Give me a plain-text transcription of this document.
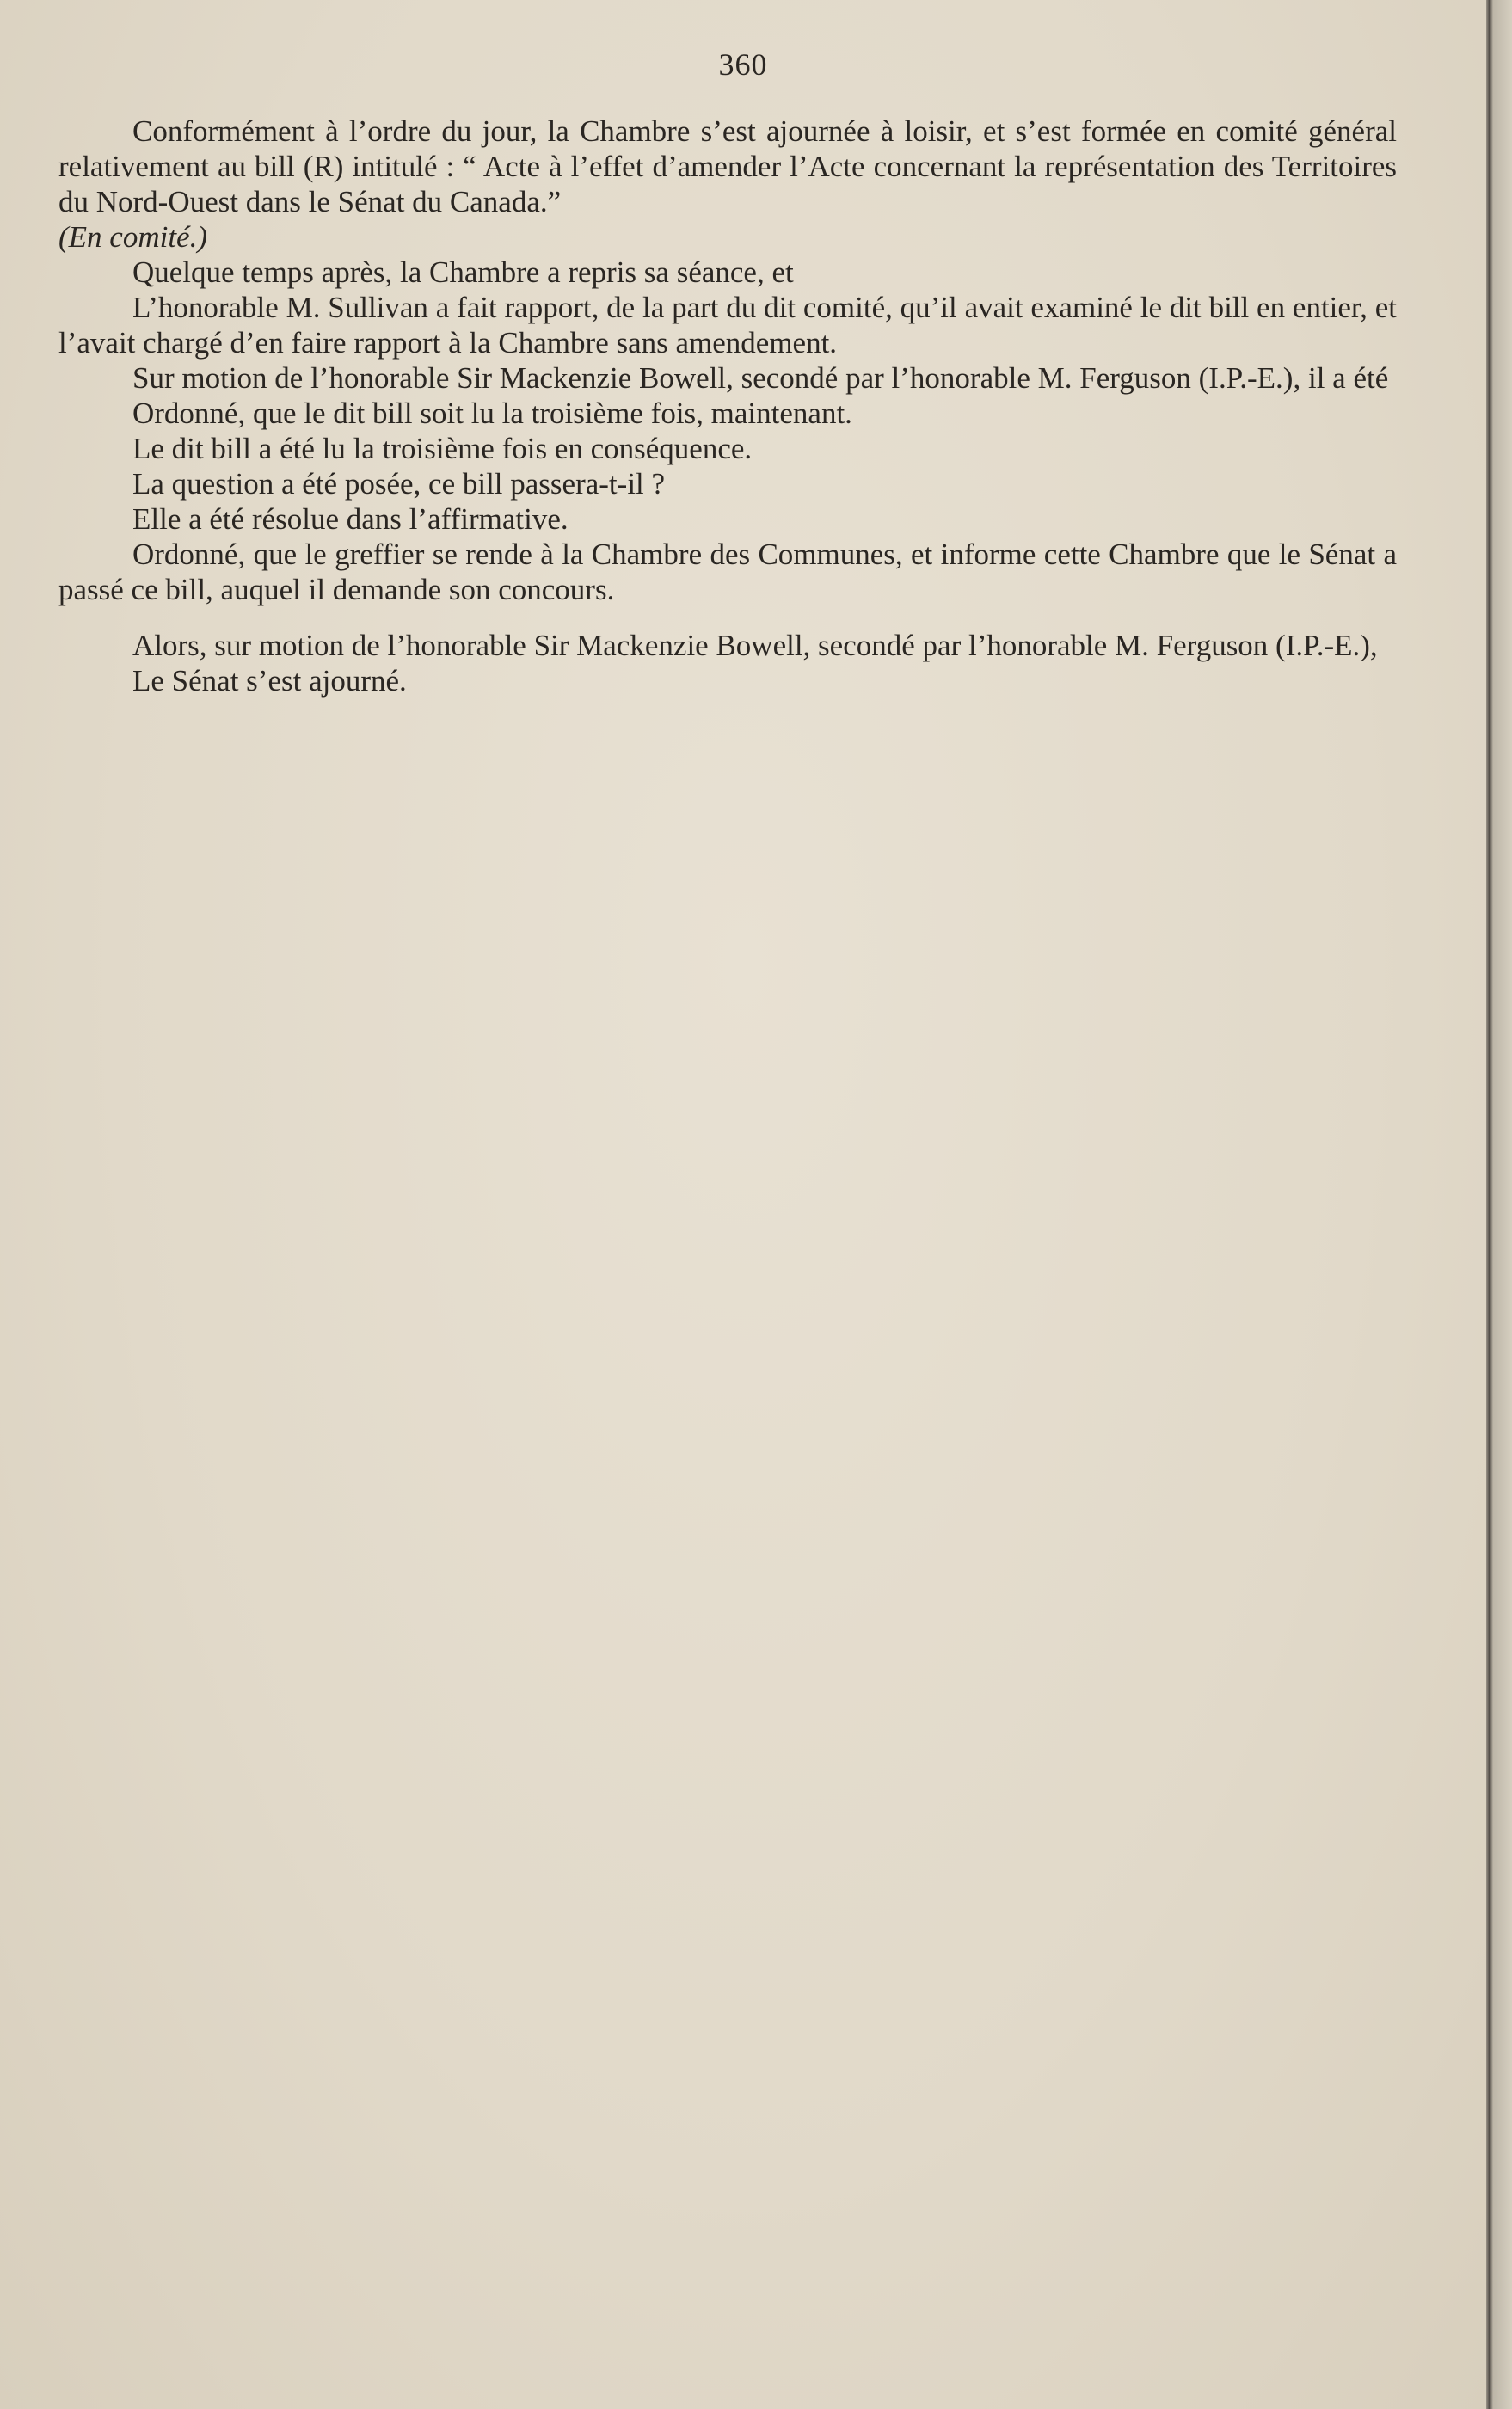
360

Conformément à l’ordre du jour, la Chambre s’est ajournée à loisir, et s’est formée en comité général relativement au bill (R) intitulé : “ Acte à l’effet d’amender l’Acte concernant la représentation des Territoires du Nord-Ouest dans le Sénat du Canada.”

(En comité.)

Quelque temps après, la Chambre a repris sa séance, et

L’honorable M. Sullivan a fait rapport, de la part du dit comité, qu’il avait examiné le dit bill en entier, et l’avait chargé d’en faire rapport à la Chambre sans amendement.

Sur motion de l’honorable Sir Mackenzie Bowell, secondé par l’honorable M. Ferguson (I.P.-E.), il a été

Ordonné, que le dit bill soit lu la troisième fois, maintenant.

Le dit bill a été lu la troisième fois en conséquence.

La question a été posée, ce bill passera-t-il ?

Elle a été résolue dans l’affirmative.

Ordonné, que le greffier se rende à la Chambre des Communes, et informe cette Chambre que le Sénat a passé ce bill, auquel il demande son concours.

Alors, sur motion de l’honorable Sir Mackenzie Bowell, secondé par l’honorable M. Ferguson (I.P.-E.),

Le Sénat s’est ajourné.
